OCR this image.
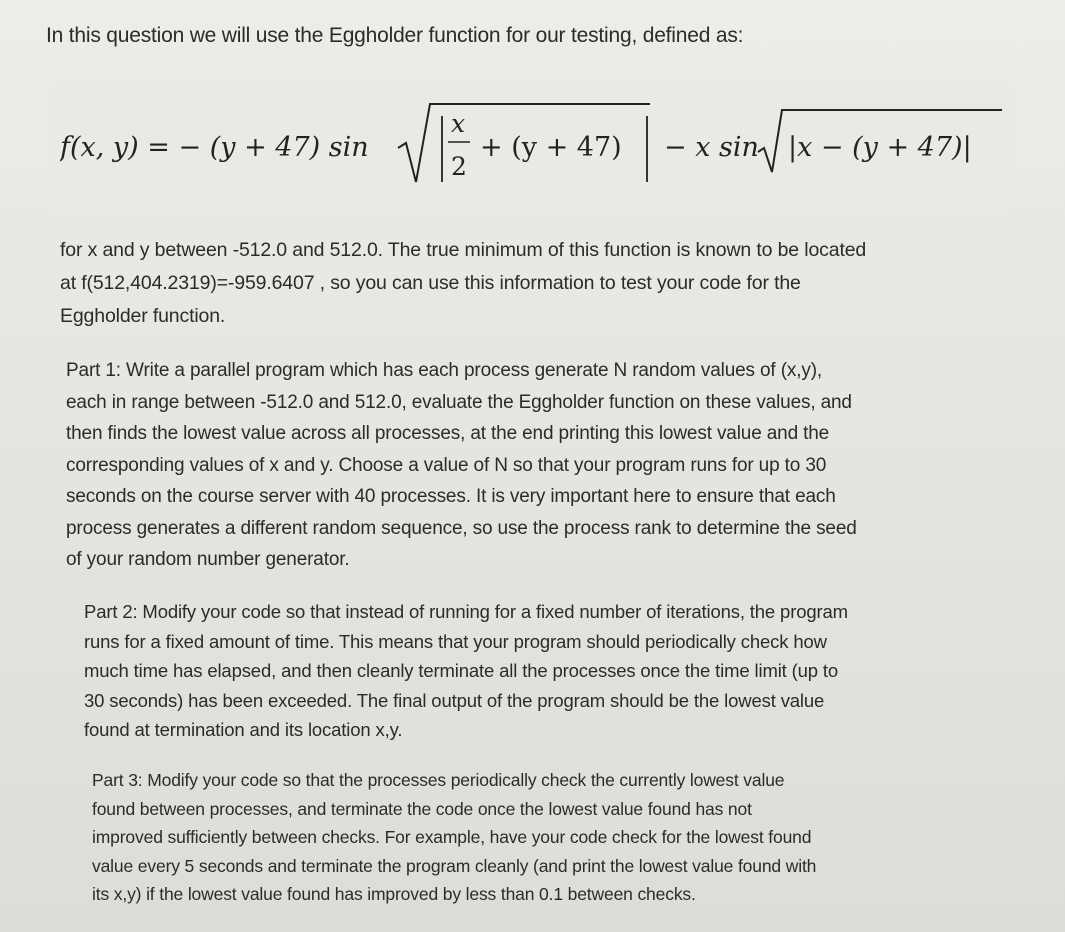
In this question we will use the Eggholder function for our testing, defined as:
f(x, y) = − (y + 47) sin
x
2
+ (y + 47) − x sin |x − (y + 47)|
for x and y between -512.0 and 512.0. The true minimum of this function is known to be located
at f(512,404.2319)=-959.6407 , so you can use this information to test your code for the
Eggholder function.
Part 1: Write a parallel program which has each process generate N random values of (x,y),
each in range between -512.0 and 512.0, evaluate the Eggholder function on these values, and
then finds the lowest value across all processes, at the end printing this lowest value and the
corresponding values of x and y. Choose a value of N so that your program runs for up to 30
seconds on the course server with 40 processes. It is very important here to ensure that each
process generates a different random sequence, so use the process rank to determine the seed
of your random number generator.
Part 2: Modify your code so that instead of running for a fixed number of iterations, the program
runs for a fixed amount of time. This means that your program should periodically check how
much time has elapsed, and then cleanly terminate all the processes once the time limit (up to
30 seconds) has been exceeded. The final output of the program should be the lowest value
found at termination and its location x,y.
Part 3: Modify your code so that the processes periodically check the currently lowest value
found between processes, and terminate the code once the lowest value found has not
improved sufficiently between checks. For example, have your code check for the lowest found
value every 5 seconds and terminate the program cleanly (and print the lowest value found with
its x,y) if the lowest value found has improved by less than 0.1 between checks.
